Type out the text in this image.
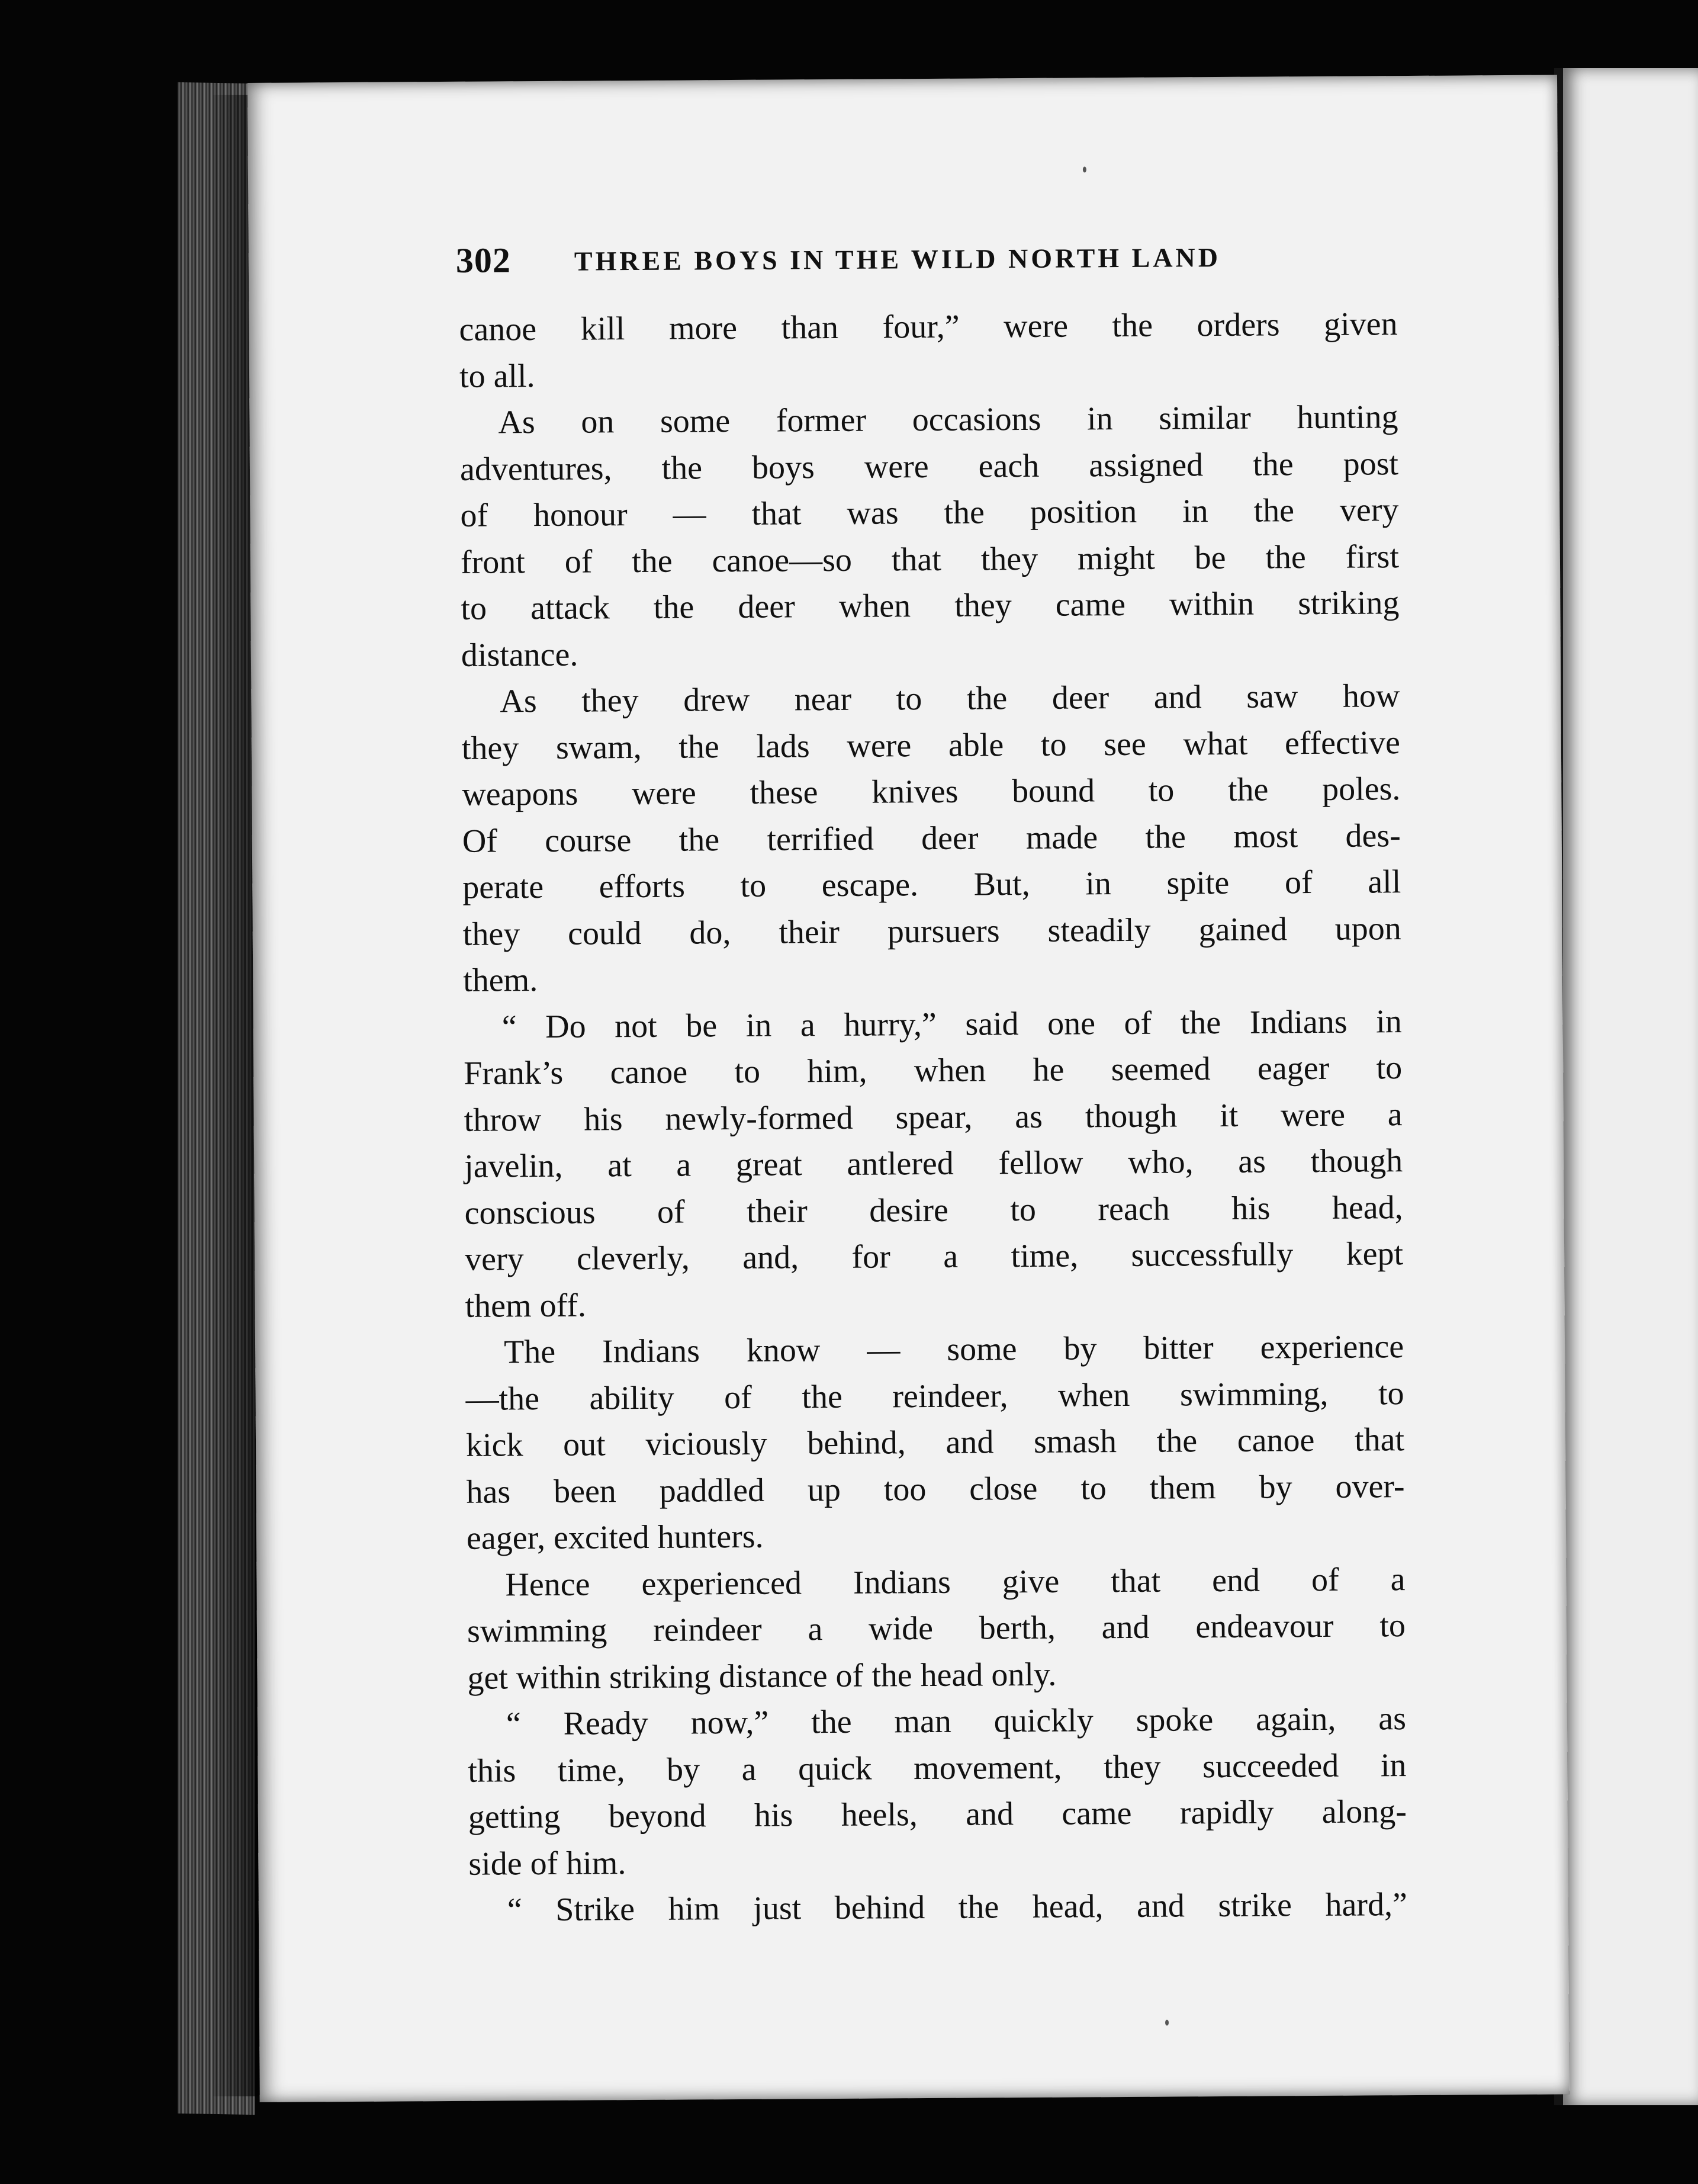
302 THREE BOYS IN THE WILD NORTH LAND
canoe kill more than four,” were the orders given
to all.
As on some former occasions in similar hunting
adventures, the boys were each assigned the post
of honour — that was the position in the very
front of the canoe—so that they might be the first
to attack the deer when they came within striking
distance.
As they drew near to the deer and saw how
they swam, the lads were able to see what effective
weapons were these knives bound to the poles.
Of course the terrified deer made the most des-
perate efforts to escape. But, in spite of all
they could do, their pursuers steadily gained upon
them.
“ Do not be in a hurry,” said one of the Indians in
Frank’s canoe to him, when he seemed eager to
throw his newly-formed spear, as though it were a
javelin, at a great antlered fellow who, as though
conscious of their desire to reach his head,
very cleverly, and, for a time, successfully kept
them off.
The Indians know — some by bitter experience
—the ability of the reindeer, when swimming, to
kick out viciously behind, and smash the canoe that
has been paddled up too close to them by over-
eager, excited hunters.
Hence experienced Indians give that end of a
swimming reindeer a wide berth, and endeavour to
get within striking distance of the head only.
“ Ready now,” the man quickly spoke again, as
this time, by a quick movement, they succeeded in
getting beyond his heels, and came rapidly along-
side of him.
“ Strike him just behind the head, and strike hard,”
